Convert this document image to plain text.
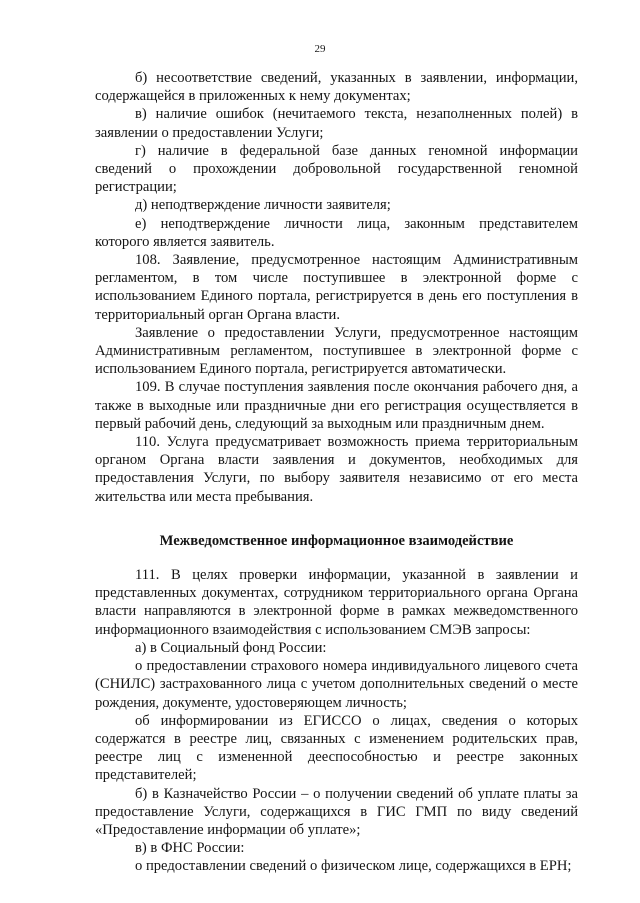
29

б) несоответствие сведений, указанных в заявлении, информации, содержащейся в приложенных к нему документах;

в) наличие ошибок (нечитаемого текста, незаполненных полей) в заявлении о предоставлении Услуги;

г) наличие в федеральной базе данных геномной информации сведений о прохождении добровольной государственной геномной регистрации;

д) неподтверждение личности заявителя;

е) неподтверждение личности лица, законным представителем которого является заявитель.

108. Заявление, предусмотренное настоящим Административным регламентом, в том числе поступившее в электронной форме с использованием Единого портала, регистрируется в день его поступления в территориальный орган Органа власти.

Заявление о предоставлении Услуги, предусмотренное настоящим Административным регламентом, поступившее в электронной форме с использованием Единого портала, регистрируется автоматически.

109. В случае поступления заявления после окончания рабочего дня, а также в выходные или праздничные дни его регистрация осуществляется в первый рабочий день, следующий за выходным или праздничным днем.

110. Услуга предусматривает возможность приема территориальным органом Органа власти заявления и документов, необходимых для предоставления Услуги, по выбору заявителя независимо от его места жительства или места пребывания.

Межведомственное информационное взаимодействие

111. В целях проверки информации, указанной в заявлении и представленных документах, сотрудником территориального органа Органа власти направляются в электронной форме в рамках межведомственного информационного взаимодействия с использованием СМЭВ запросы:

а) в Социальный фонд России:

о предоставлении страхового номера индивидуального лицевого счета (СНИЛС) застрахованного лица с учетом дополнительных сведений о месте рождения, документе, удостоверяющем личность;

об информировании из ЕГИССО о лицах, сведения о которых содержатся в реестре лиц, связанных с изменением родительских прав, реестре лиц с измененной дееспособностью и реестре законных представителей;

б) в Казначейство России – о получении сведений об уплате платы за предоставление Услуги, содержащихся в ГИС ГМП по виду сведений «Предоставление информации об уплате»;

в) в ФНС России:

о предоставлении сведений о физическом лице, содержащихся в ЕРН;
